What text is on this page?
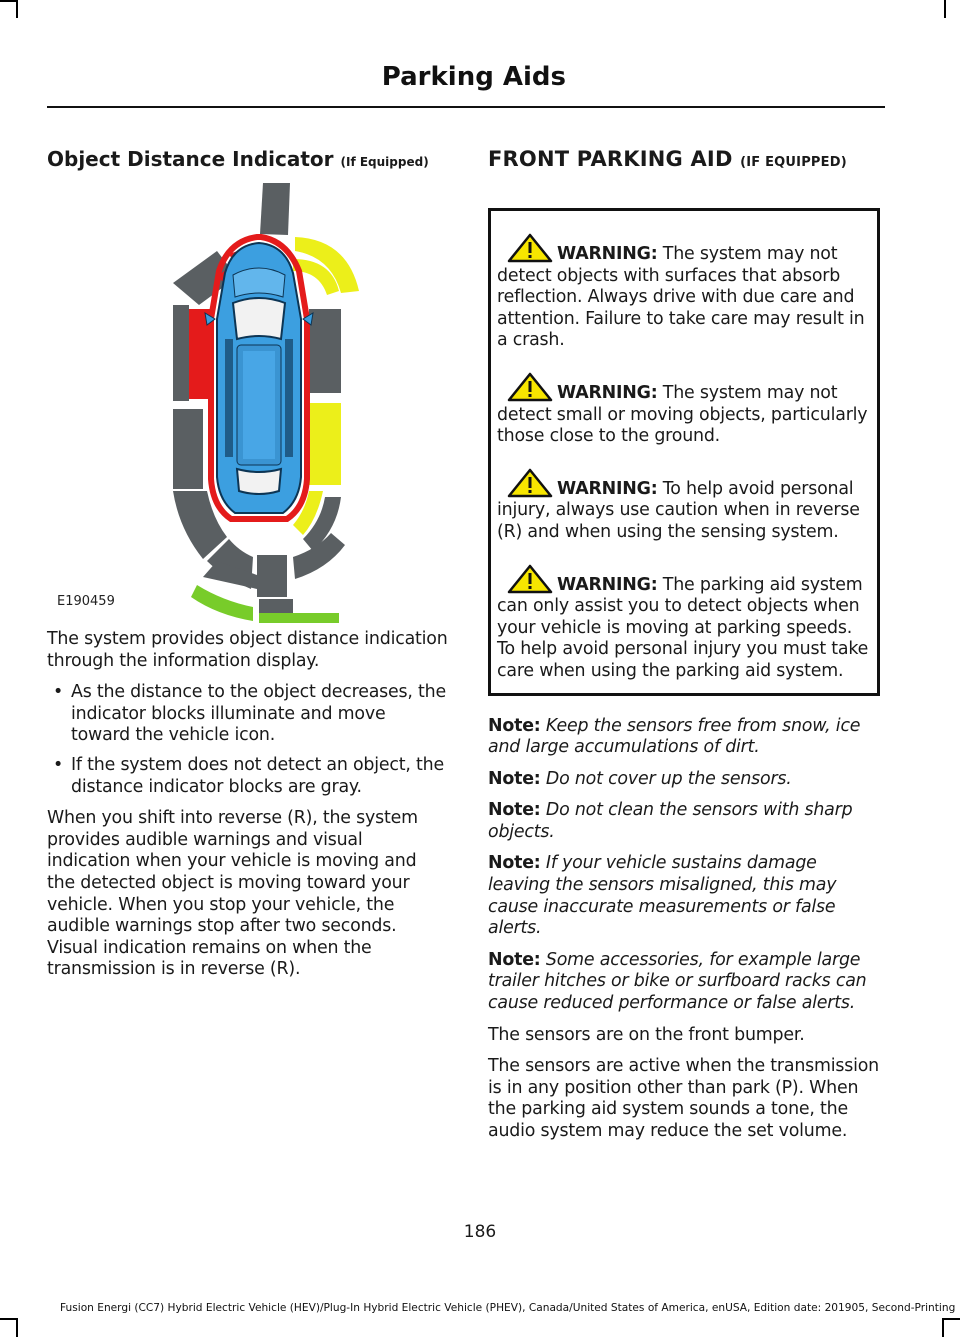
Parking Aids
Object Distance Indicator (If Equipped)
E190459

The system provides object distance indication through the information display.

• As the distance to the object decreases, the indicator blocks illuminate and move toward the vehicle icon.
• If the system does not detect an object, the distance indicator blocks are gray.

When you shift into reverse (R), the system provides audible warnings and visual indication when your vehicle is moving and the detected object is moving toward your vehicle. When you stop your vehicle, the audible warnings stop after two seconds. Visual indication remains on when the transmission is in reverse (R).

FRONT PARKING AID (IF EQUIPPED)
WARNING: The system may not detect objects with surfaces that absorb reflection. Always drive with due care and attention. Failure to take care may result in a crash.
WARNING: The system may not detect small or moving objects, particularly those close to the ground.
WARNING: To help avoid personal injury, always use caution when in reverse (R) and when using the sensing system.
WARNING: The parking aid system can only assist you to detect objects when your vehicle is moving at parking speeds. To help avoid personal injury you must take care when using the parking aid system.

Note: Keep the sensors free from snow, ice and large accumulations of dirt.

Note: Do not cover up the sensors.

Note: Do not clean the sensors with sharp objects.

Note: If your vehicle sustains damage leaving the sensors misaligned, this may cause inaccurate measurements or false alerts.

Note: Some accessories, for example large trailer hitches or bike or surfboard racks can cause reduced performance or false alerts.

The sensors are on the front bumper.

The sensors are active when the transmission is in any position other than park (P). When the parking aid system sounds a tone, the audio system may reduce the set volume.

186
Fusion Energi (CC7) Hybrid Electric Vehicle (HEV)/Plug-In Hybrid Electric Vehicle (PHEV), Canada/United States of America, enUSA, Edition date: 201905, Second-Printing
